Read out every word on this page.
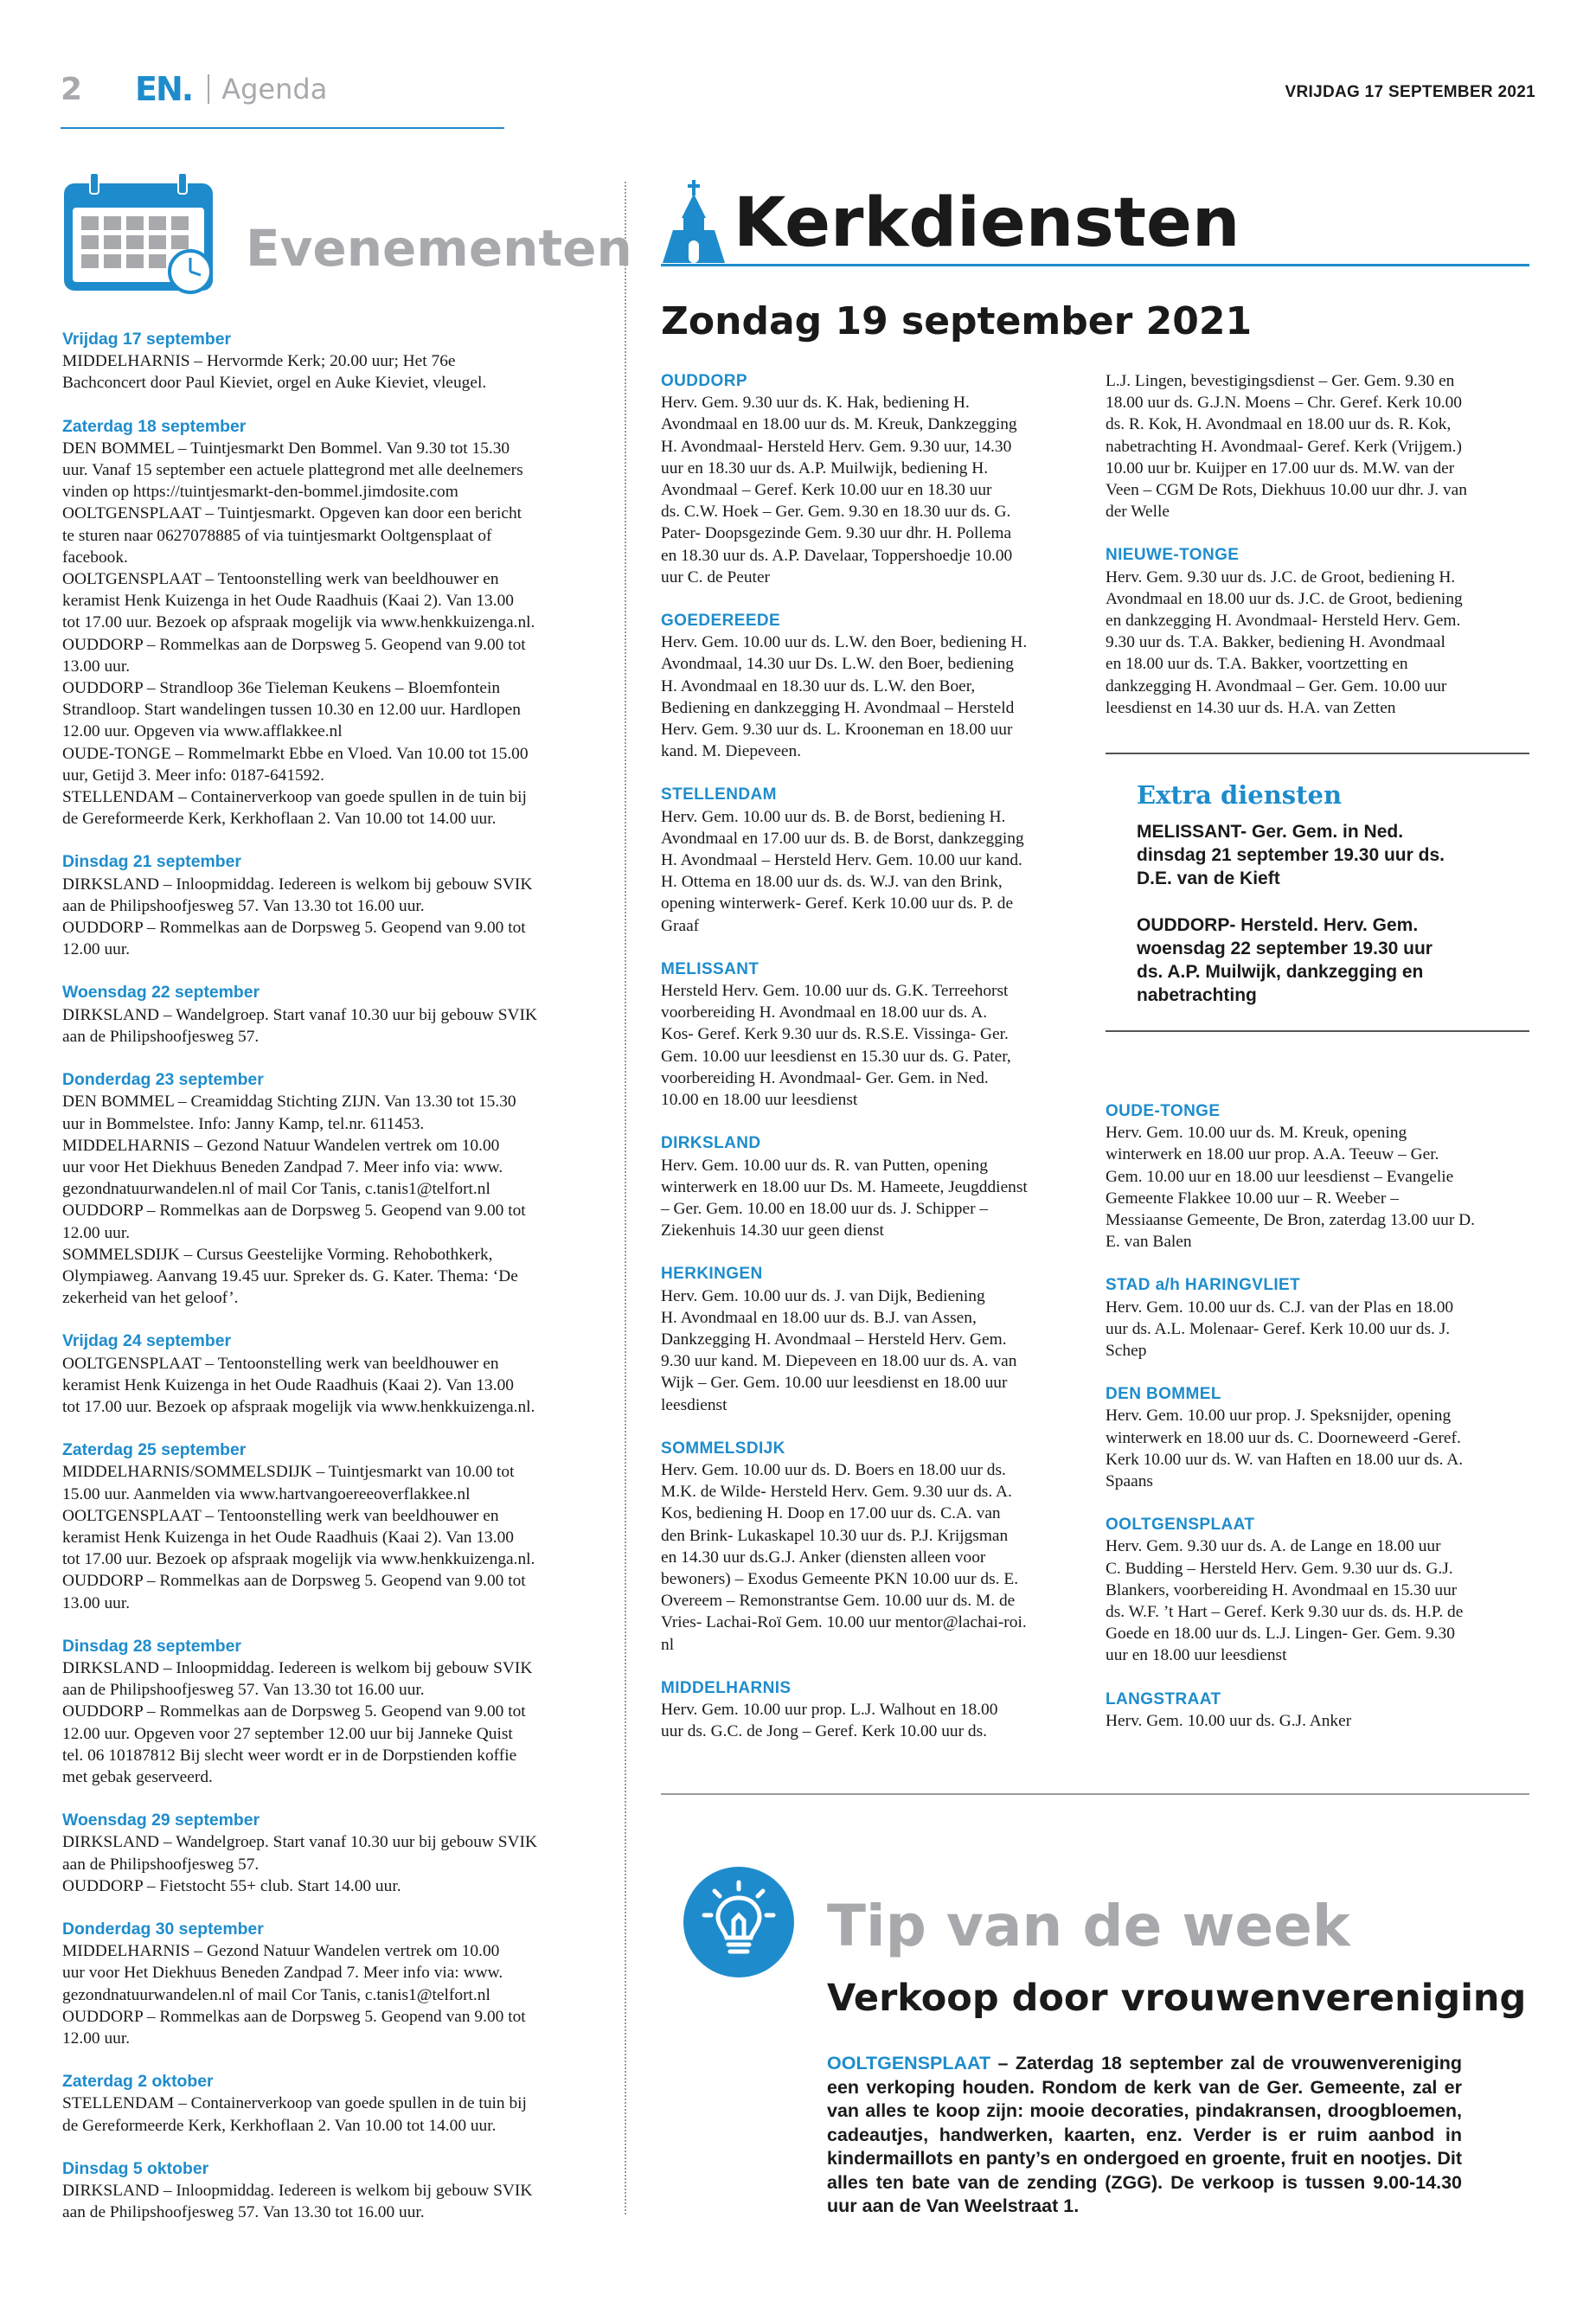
2	EN. Agenda	VRIJDAG 17 SEPTEMBER 2021
Evenementen
Vrijdag 17 september
MIDDELHARNIS – Hervormde Kerk; 20.00 uur; Het 76e
Bachconcert door Paul Kieviet, orgel en Auke Kieviet, vleugel.
Zaterdag 18 september
DEN BOMMEL – Tuintjesmarkt Den Bommel. Van 9.30 tot 15.30
uur. Vanaf 15 september een actuele plattegrond met alle deelnemers
vinden op https://tuintjesmarkt-den-bommel.jimdosite.com
OOLTGENSPLAAT – Tuintjesmarkt. Opgeven kan door een bericht
te sturen naar 0627078885 of via tuintjesmarkt Ooltgensplaat of
facebook.
OOLTGENSPLAAT – Tentoonstelling werk van beeldhouwer en
keramist Henk Kuizenga in het Oude Raadhuis (Kaai 2). Van 13.00
tot 17.00 uur. Bezoek op afspraak mogelijk via www.henkkuizenga.nl.
OUDDORP – Rommelkas aan de Dorpsweg 5. Geopend van 9.00 tot
13.00 uur.
OUDDORP – Strandloop 36e Tieleman Keukens – Bloemfontein
Strandloop. Start wandelingen tussen 10.30 en 12.00 uur. Hardlopen
12.00 uur. Opgeven via www.afflakkee.nl
OUDE-TONGE – Rommelmarkt Ebbe en Vloed. Van 10.00 tot 15.00
uur, Getijd 3. Meer info: 0187-641592.
STELLENDAM – Containerverkoop van goede spullen in de tuin bij
de Gereformeerde Kerk, Kerkhoflaan 2. Van 10.00 tot 14.00 uur.
Dinsdag 21 september
DIRKSLAND – Inloopmiddag. Iedereen is welkom bij gebouw SVIK
aan de Philipshoofjesweg 57. Van 13.30 tot 16.00 uur.
OUDDORP – Rommelkas aan de Dorpsweg 5. Geopend van 9.00 tot
12.00 uur.
Woensdag 22 september
DIRKSLAND – Wandelgroep. Start vanaf 10.30 uur bij gebouw SVIK
aan de Philipshoofjesweg 57.
Donderdag 23 september
DEN BOMMEL – Creamiddag Stichting ZIJN. Van 13.30 tot 15.30
uur in Bommelstee. Info: Janny Kamp, tel.nr. 611453.
MIDDELHARNIS – Gezond Natuur Wandelen vertrek om 10.00
uur voor Het Diekhuus Beneden Zandpad 7. Meer info via: www.
gezondnatuurwandelen.nl of mail Cor Tanis, c.tanis1@telfort.nl
OUDDORP – Rommelkas aan de Dorpsweg 5. Geopend van 9.00 tot
12.00 uur.
SOMMELSDIJK – Cursus Geestelijke Vorming. Rehobothkerk,
Olympiaweg. Aanvang 19.45 uur. Spreker ds. G. Kater. Thema: ‘De
zekerheid van het geloof’.
Vrijdag 24 september
OOLTGENSPLAAT – Tentoonstelling werk van beeldhouwer en
keramist Henk Kuizenga in het Oude Raadhuis (Kaai 2). Van 13.00
tot 17.00 uur. Bezoek op afspraak mogelijk via www.henkkuizenga.nl.
Zaterdag 25 september
MIDDELHARNIS/SOMMELSDIJK – Tuintjesmarkt van 10.00 tot
15.00 uur. Aanmelden via www.hartvangoereeoverflakkee.nl
OOLTGENSPLAAT – Tentoonstelling werk van beeldhouwer en
keramist Henk Kuizenga in het Oude Raadhuis (Kaai 2). Van 13.00
tot 17.00 uur. Bezoek op afspraak mogelijk via www.henkkuizenga.nl.
OUDDORP – Rommelkas aan de Dorpsweg 5. Geopend van 9.00 tot
13.00 uur.
Dinsdag 28 september
DIRKSLAND – Inloopmiddag. Iedereen is welkom bij gebouw SVIK
aan de Philipshoofjesweg 57. Van 13.30 tot 16.00 uur.
OUDDORP – Rommelkas aan de Dorpsweg 5. Geopend van 9.00 tot
12.00 uur. Opgeven voor 27 september 12.00 uur bij Janneke Quist
tel. 06 10187812 Bij slecht weer wordt er in de Dorpstienden koffie
met gebak geserveerd.
Woensdag 29 september
DIRKSLAND – Wandelgroep. Start vanaf 10.30 uur bij gebouw SVIK
aan de Philipshoofjesweg 57.
OUDDORP – Fietstocht 55+ club. Start 14.00 uur.
Donderdag 30 september
MIDDELHARNIS – Gezond Natuur Wandelen vertrek om 10.00
uur voor Het Diekhuus Beneden Zandpad 7. Meer info via: www.
gezondnatuurwandelen.nl of mail Cor Tanis, c.tanis1@telfort.nl
OUDDORP – Rommelkas aan de Dorpsweg 5. Geopend van 9.00 tot
12.00 uur.
Zaterdag 2 oktober
STELLENDAM – Containerverkoop van goede spullen in de tuin bij
de Gereformeerde Kerk, Kerkhoflaan 2. Van 10.00 tot 14.00 uur.
Dinsdag 5 oktober
DIRKSLAND – Inloopmiddag. Iedereen is welkom bij gebouw SVIK
aan de Philipshoofjesweg 57. Van 13.30 tot 16.00 uur.
Kerkdiensten
Zondag 19 september 2021
OUDDORP
Herv. Gem. 9.30 uur ds. K. Hak, bediening H.
Avondmaal en 18.00 uur ds. M. Kreuk, Dankzegging
H. Avondmaal- Hersteld Herv. Gem. 9.30 uur, 14.30
uur en 18.30 uur ds. A.P. Muilwijk, bediening H.
Avondmaal – Geref. Kerk 10.00 uur en 18.30 uur
ds. C.W. Hoek – Ger. Gem. 9.30 en 18.30 uur ds. G.
Pater- Doopsgezinde Gem. 9.30 uur dhr. H. Pollema
en 18.30 uur ds. A.P. Davelaar, Toppershoedje 10.00
uur C. de Peuter
GOEDEREEDE
Herv. Gem. 10.00 uur ds. L.W. den Boer, bediening H.
Avondmaal, 14.30 uur Ds. L.W. den Boer, bediening
H. Avondmaal en 18.30 uur ds. L.W. den Boer,
Bediening en dankzegging H. Avondmaal – Hersteld
Herv. Gem. 9.30 uur ds. L. Krooneman en 18.00 uur
kand. M. Diepeveen.
STELLENDAM
Herv. Gem. 10.00 uur ds. B. de Borst, bediening H.
Avondmaal en 17.00 uur ds. B. de Borst, dankzegging
H. Avondmaal – Hersteld Herv. Gem. 10.00 uur kand.
H. Ottema en 18.00 uur ds. ds. W.J. van den Brink,
opening winterwerk- Geref. Kerk 10.00 uur ds. P. de
Graaf
MELISSANT
Hersteld Herv. Gem. 10.00 uur ds. G.K. Terreehorst
voorbereiding H. Avondmaal en 18.00 uur ds. A.
Kos- Geref. Kerk 9.30 uur ds. R.S.E. Vissinga- Ger.
Gem. 10.00 uur leesdienst en 15.30 uur ds. G. Pater,
voorbereiding H. Avondmaal- Ger. Gem. in Ned.
10.00 en 18.00 uur leesdienst
DIRKSLAND
Herv. Gem. 10.00 uur ds. R. van Putten, opening
winterwerk en 18.00 uur Ds. M. Hameete, Jeugddienst
– Ger. Gem. 10.00 en 18.00 uur ds. J. Schipper –
Ziekenhuis 14.30 uur geen dienst
HERKINGEN
Herv. Gem. 10.00 uur ds. J. van Dijk, Bediening
H. Avondmaal en 18.00 uur ds. B.J. van Assen,
Dankzegging H. Avondmaal – Hersteld Herv. Gem.
9.30 uur kand. M. Diepeveen en 18.00 uur ds. A. van
Wijk – Ger. Gem. 10.00 uur leesdienst en 18.00 uur
leesdienst
SOMMELSDIJK
Herv. Gem. 10.00 uur ds. D. Boers en 18.00 uur ds.
M.K. de Wilde- Hersteld Herv. Gem. 9.30 uur ds. A.
Kos, bediening H. Doop en 17.00 uur ds. C.A. van
den Brink- Lukaskapel 10.30 uur ds. P.J. Krijgsman
en 14.30 uur ds.G.J. Anker (diensten alleen voor
bewoners) – Exodus Gemeente PKN 10.00 uur ds. E.
Overeem – Remonstrantse Gem. 10.00 uur ds. M. de
Vries- Lachai-Roï Gem. 10.00 uur mentor@lachai-roi.
nl
MIDDELHARNIS
Herv. Gem. 10.00 uur prop. L.J. Walhout en 18.00
uur ds. G.C. de Jong – Geref. Kerk 10.00 uur ds.
L.J. Lingen, bevestigingsdienst – Ger. Gem. 9.30 en
18.00 uur ds. G.J.N. Moens – Chr. Geref. Kerk 10.00
ds. R. Kok, H. Avondmaal en 18.00 uur ds. R. Kok,
nabetrachting H. Avondmaal- Geref. Kerk (Vrijgem.)
10.00 uur br. Kuijper en 17.00 uur ds. M.W. van der
Veen – CGM De Rots, Diekhuus 10.00 uur dhr. J. van
der Welle
NIEUWE-TONGE
Herv. Gem. 9.30 uur ds. J.C. de Groot, bediening H.
Avondmaal en 18.00 uur ds. J.C. de Groot, bediening
en dankzegging H. Avondmaal- Hersteld Herv. Gem.
9.30 uur ds. T.A. Bakker, bediening H. Avondmaal
en 18.00 uur ds. T.A. Bakker, voortzetting en
dankzegging H. Avondmaal – Ger. Gem. 10.00 uur
leesdienst en 14.30 uur ds. H.A. van Zetten
Extra diensten
MELISSANT- Ger. Gem. in Ned.
dinsdag 21 september 19.30 uur ds.
D.E. van de Kieft
OUDDORP- Hersteld. Herv. Gem.
woensdag 22 september 19.30 uur
ds. A.P. Muilwijk, dankzegging en
nabetrachting
OUDE-TONGE
Herv. Gem. 10.00 uur ds. M. Kreuk, opening
winterwerk en 18.00 uur prop. A.A. Teeuw – Ger.
Gem. 10.00 uur en 18.00 uur leesdienst – Evangelie
Gemeente Flakkee 10.00 uur – R. Weeber –
Messiaanse Gemeente, De Bron, zaterdag 13.00 uur D.
E. van Balen
STAD a/h HARINGVLIET
Herv. Gem. 10.00 uur ds. C.J. van der Plas en 18.00
uur ds. A.L. Molenaar- Geref. Kerk 10.00 uur ds. J.
Schep
DEN BOMMEL
Herv. Gem. 10.00 uur prop. J. Speksnijder, opening
winterwerk en 18.00 uur ds. C. Doorneweerd -Geref.
Kerk 10.00 uur ds. W. van Haften en 18.00 uur ds. A.
Spaans
OOLTGENSPLAAT
Herv. Gem. 9.30 uur ds. A. de Lange en 18.00 uur
C. Budding – Hersteld Herv. Gem. 9.30 uur ds. G.J.
Blankers, voorbereiding H. Avondmaal en 15.30 uur
ds. W.F. ’t Hart – Geref. Kerk 9.30 uur ds. ds. H.P. de
Goede en 18.00 uur ds. L.J. Lingen- Ger. Gem. 9.30
uur en 18.00 uur leesdienst
LANGSTRAAT
Herv. Gem. 10.00 uur ds. G.J. Anker
Tip van de week
Verkoop door vrouwenvereniging
OOLTGENSPLAAT – Zaterdag 18 september zal de vrouwenvereniging een verkoping houden. Rondom de kerk van de Ger. Gemeente, zal er van alles te koop zijn: mooie decoraties, pindakransen, droogbloemen, cadeautjes, handwerken, kaarten, enz. Verder is er ruim aanbod in kindermaillots en panty’s en ondergoed en groente, fruit en nootjes. Dit alles ten bate van de zending (ZGG). De verkoop is tussen 9.00-14.30 uur aan de Van Weelstraat 1.
